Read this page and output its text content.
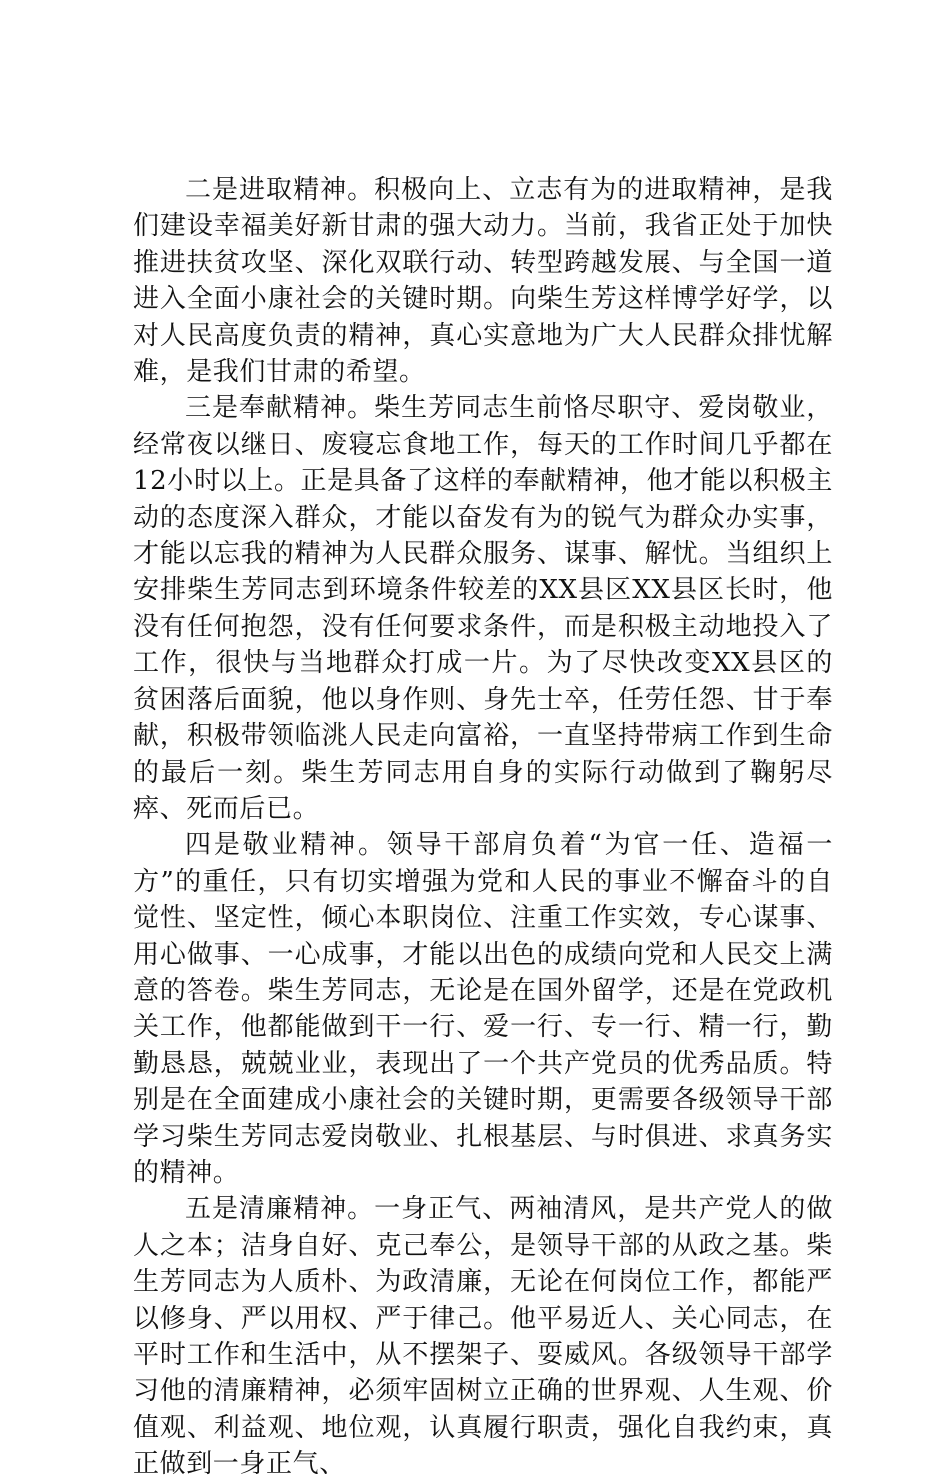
二是进取精神。积极向上、立志有为的进取精神，是我们建设幸福美好新甘肃的强大动力。当前，我省正处于加快推进扶贫攻坚、深化双联行动、转型跨越发展、与全国一道进入全面小康社会的关键时期。向柴生芳这样博学好学，以对人民高度负责的精神，真心实意地为广大人民群众排忧解难，是我们甘肃的希望。

三是奉献精神。柴生芳同志生前恪尽职守、爱岗敬业，经常夜以继日、废寝忘食地工作，每天的工作时间几乎都在12小时以上。正是具备了这样的奉献精神，他才能以积极主动的态度深入群众，才能以奋发有为的锐气为群众办实事，才能以忘我的精神为人民群众服务、谋事、解忧。当组织上安排柴生芳同志到环境条件较差的XX县区XX县区长时，他没有任何抱怨，没有任何要求条件，而是积极主动地投入了工作，很快与当地群众打成一片。为了尽快改变XX县区的贫困落后面貌，他以身作则、身先士卒，任劳任怨、甘于奉献，积极带领临洮人民走向富裕，一直坚持带病工作到生命的最后一刻。柴生芳同志用自身的实际行动做到了鞠躬尽瘁、死而后已。

四是敬业精神。领导干部肩负着“为官一任、造福一方”的重任，只有切实增强为党和人民的事业不懈奋斗的自觉性、坚定性，倾心本职岗位、注重工作实效，专心谋事、用心做事、一心成事，才能以出色的成绩向党和人民交上满意的答卷。柴生芳同志，无论是在国外留学，还是在党政机关工作，他都能做到干一行、爱一行、专一行、精一行，勤勤恳恳，兢兢业业，表现出了一个共产党员的优秀品质。特别是在全面建成小康社会的关键时期，更需要各级领导干部学习柴生芳同志爱岗敬业、扎根基层、与时俱进、求真务实的精神。

五是清廉精神。一身正气、两袖清风，是共产党人的做人之本；洁身自好、克己奉公，是领导干部的从政之基。柴生芳同志为人质朴、为政清廉，无论在何岗位工作，都能严以修身、严以用权、严于律己。他平易近人、关心同志，在平时工作和生活中，从不摆架子、耍威风。各级领导干部学习他的清廉精神，必须牢固树立正确的世界观、人生观、价值观、利益观、地位观，认真履行职责，强化自我约束，真正做到一身正气、
